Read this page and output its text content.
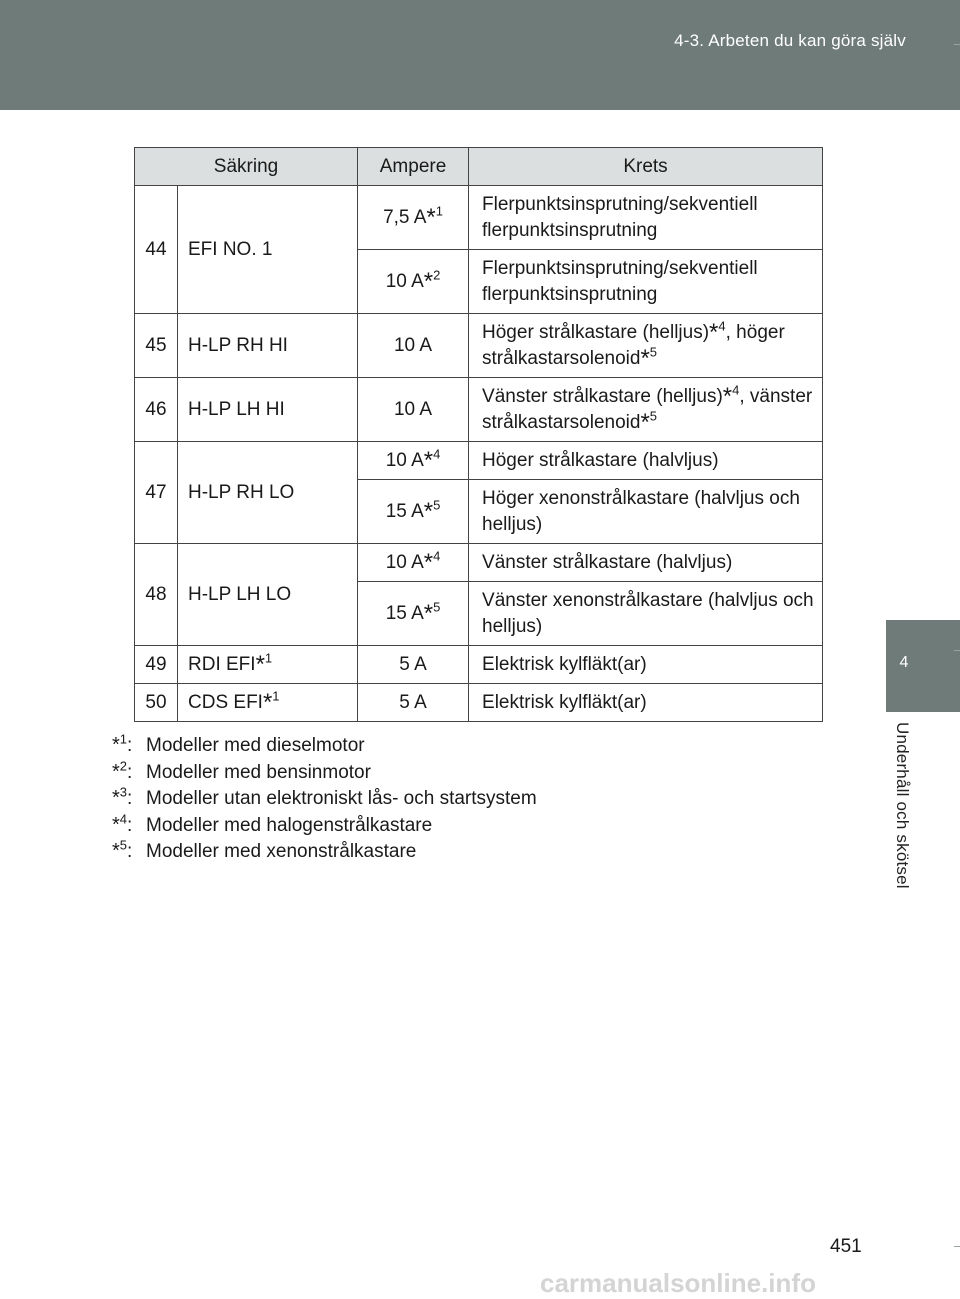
4-3. Arbeten du kan göra själv
4
Underhåll och skötsel
Säkring		Ampere	Krets
44	EFI NO. 1	7,5 A*$^1$	Flerpunktsinsprutning/sekventiell flerpunktsinsprutning
		10 A*$^2$	Flerpunktsinsprutning/sekventiell flerpunktsinsprutning
45	H-LP RH HI	10 A	Höger strålkastare (helljus)*$^4$, höger strålkastarsolenoid*$^5$
46	H-LP LH HI	10 A	Vänster strålkastare (helljus)*$^4$, vänster strålkastarsolenoid*$^5$
47	H-LP RH LO	10 A*$^4$	Höger strålkastare (halvljus)
		15 A*$^5$	Höger xenonstrålkastare (halvljus och helljus)
48	H-LP LH LO	10 A*$^4$	Vänster strålkastare (halvljus)
		15 A*$^5$	Vänster xenonstrålkastare (halvljus och helljus)
49	RDI EFI*$^1$	5 A	Elektrisk kylfläkt(ar)
50	CDS EFI*$^1$	5 A	Elektrisk kylfläkt(ar)
*$^1$: Modeller med dieselmotor
*$^2$: Modeller med bensinmotor
*$^3$: Modeller utan elektroniskt lås- och startsystem
*$^4$: Modeller med halogenstrålkastare
*$^5$: Modeller med xenonstrålkastare
451
carmanualsonline.info
